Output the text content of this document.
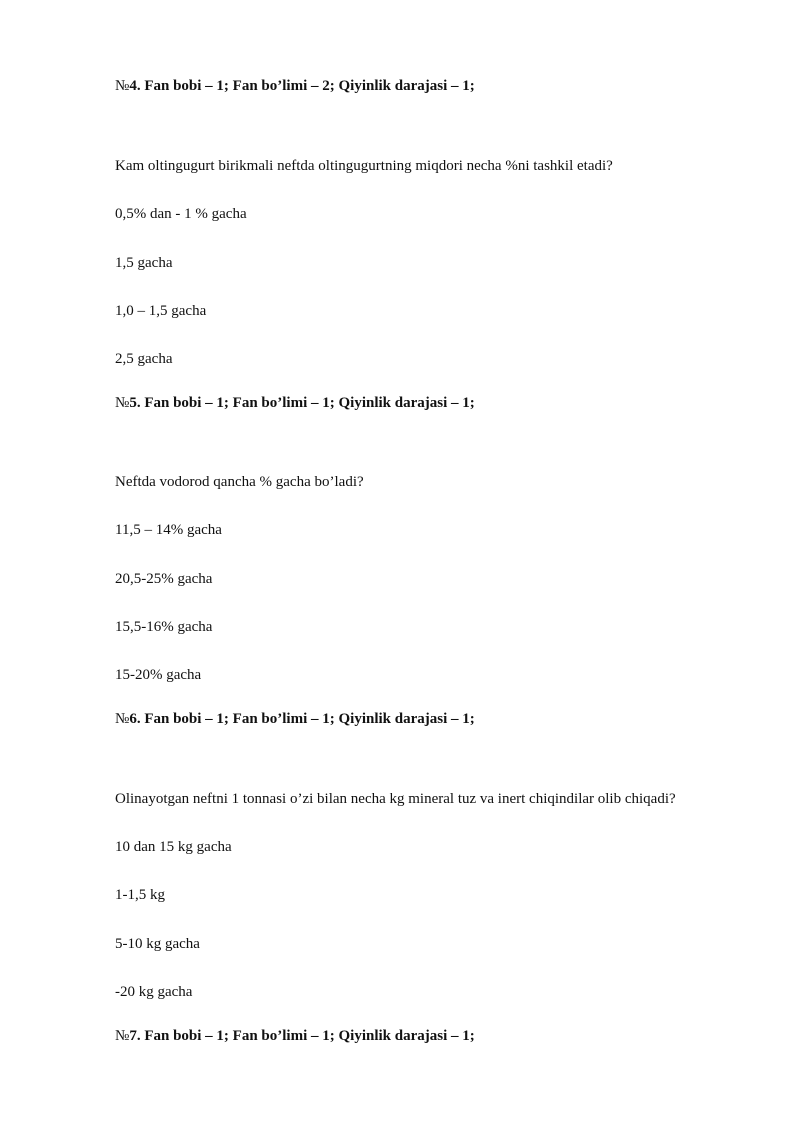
№4. Fan bobi – 1; Fan bo’limi – 2; Qiyinlik darajasi – 1;
Kam oltingugurt birikmali neftda oltingugurtning miqdori necha %ni tashkil etadi?
0,5% dan - 1 % gacha
1,5 gacha
1,0 – 1,5 gacha
2,5 gacha
№5. Fan bobi – 1; Fan bo’limi – 1; Qiyinlik darajasi – 1;
Neftda vodorod qancha % gacha bo’ladi?
11,5 – 14% gacha
20,5-25% gacha
15,5-16% gacha
15-20% gacha
№6. Fan bobi – 1; Fan bo’limi – 1; Qiyinlik darajasi – 1;
Olinayotgan neftni 1 tonnasi o’zi bilan necha kg mineral tuz va inert chiqindilar olib chiqadi?
10 dan 15 kg gacha
1-1,5 kg
5-10 kg gacha
-20 kg gacha
№7. Fan bobi – 1; Fan bo’limi – 1; Qiyinlik darajasi – 1;
